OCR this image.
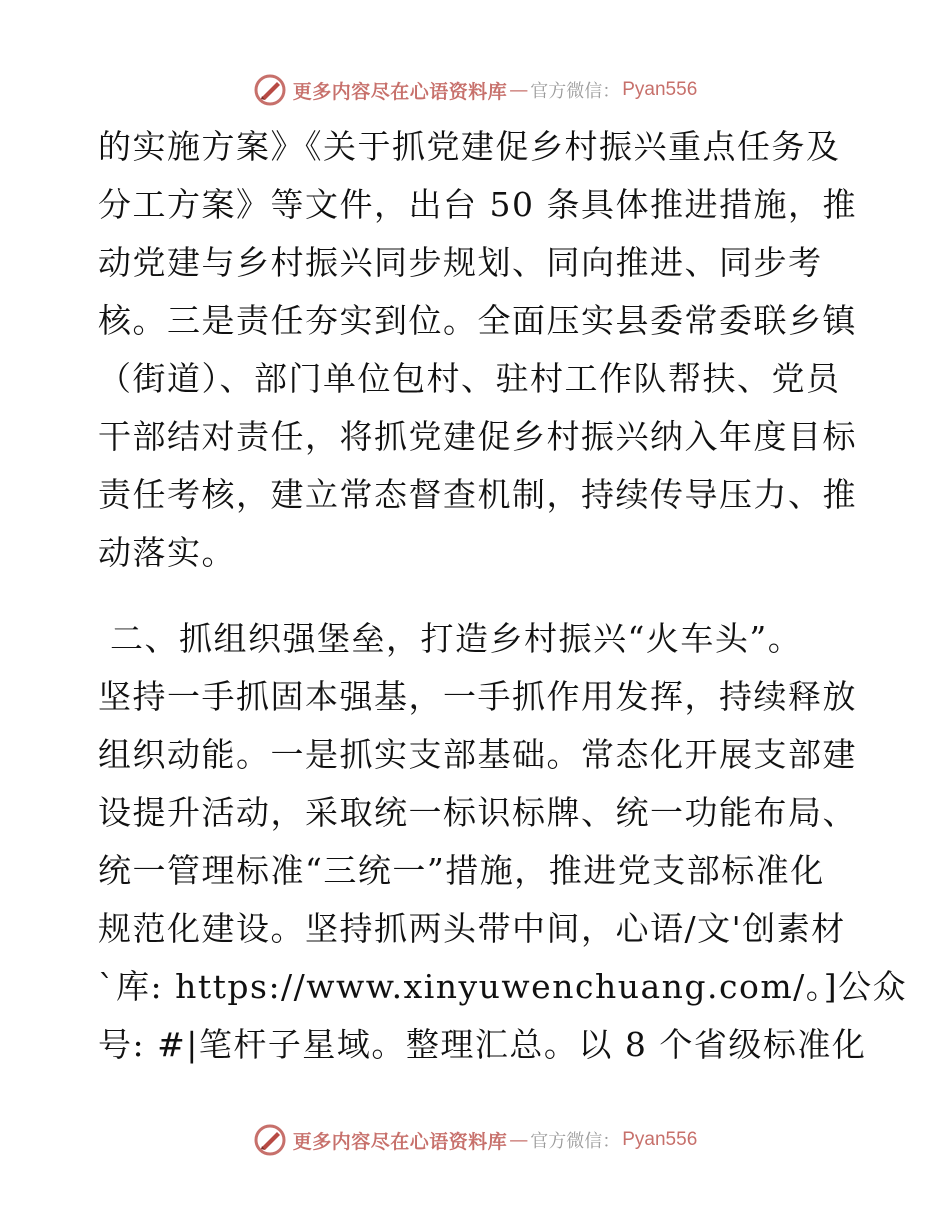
更多内容尽在心语资料库 — 官方微信： Pyan556
的实施方案》《关于抓党建促乡村振兴重点任务及
分工方案》等文件，出台 50 条具体推进措施，推
动党建与乡村振兴同步规划、同向推进、同步考
核。三是责任夯实到位。全面压实县委常委联乡镇
（街道）、部门单位包村、驻村工作队帮扶、党员
干部结对责任，将抓党建促乡村振兴纳入年度目标
责任考核，建立常态督查机制，持续传导压力、推
动落实。
二、抓组织强堡垒，打造乡村振兴“火车头”。
坚持一手抓固本强基，一手抓作用发挥，持续释放
组织动能。一是抓实支部基础。常态化开展支部建
设提升活动，采取统一标识标牌、统一功能布局、
统一管理标准“三统一”措施，推进党支部标准化
规范化建设。坚持抓两头带中间，心语/文'创素材
`库: https://www.xinyuwenchuang.com/。]公众
号: #|笔杆子星域。整理汇总。以 8 个省级标准化
更多内容尽在心语资料库 — 官方微信： Pyan556
